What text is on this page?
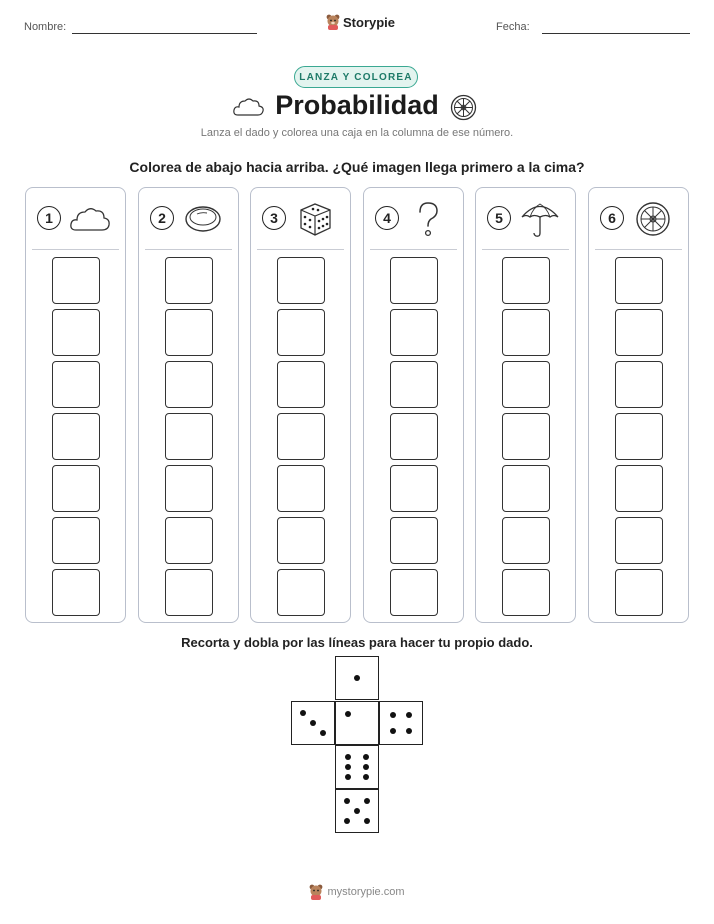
Nombre:	Storypie	Fecha:
LANZA Y COLOREA
Probabilidad
Lanza el dado y colorea una caja en la columna de ese número.
Colorea de abajo hacia arriba. ¿Qué imagen llega primero a la cima?
1	2	3	4	5	6
Recorta y dobla por las líneas para hacer tu propio dado.
mystorypie.com
